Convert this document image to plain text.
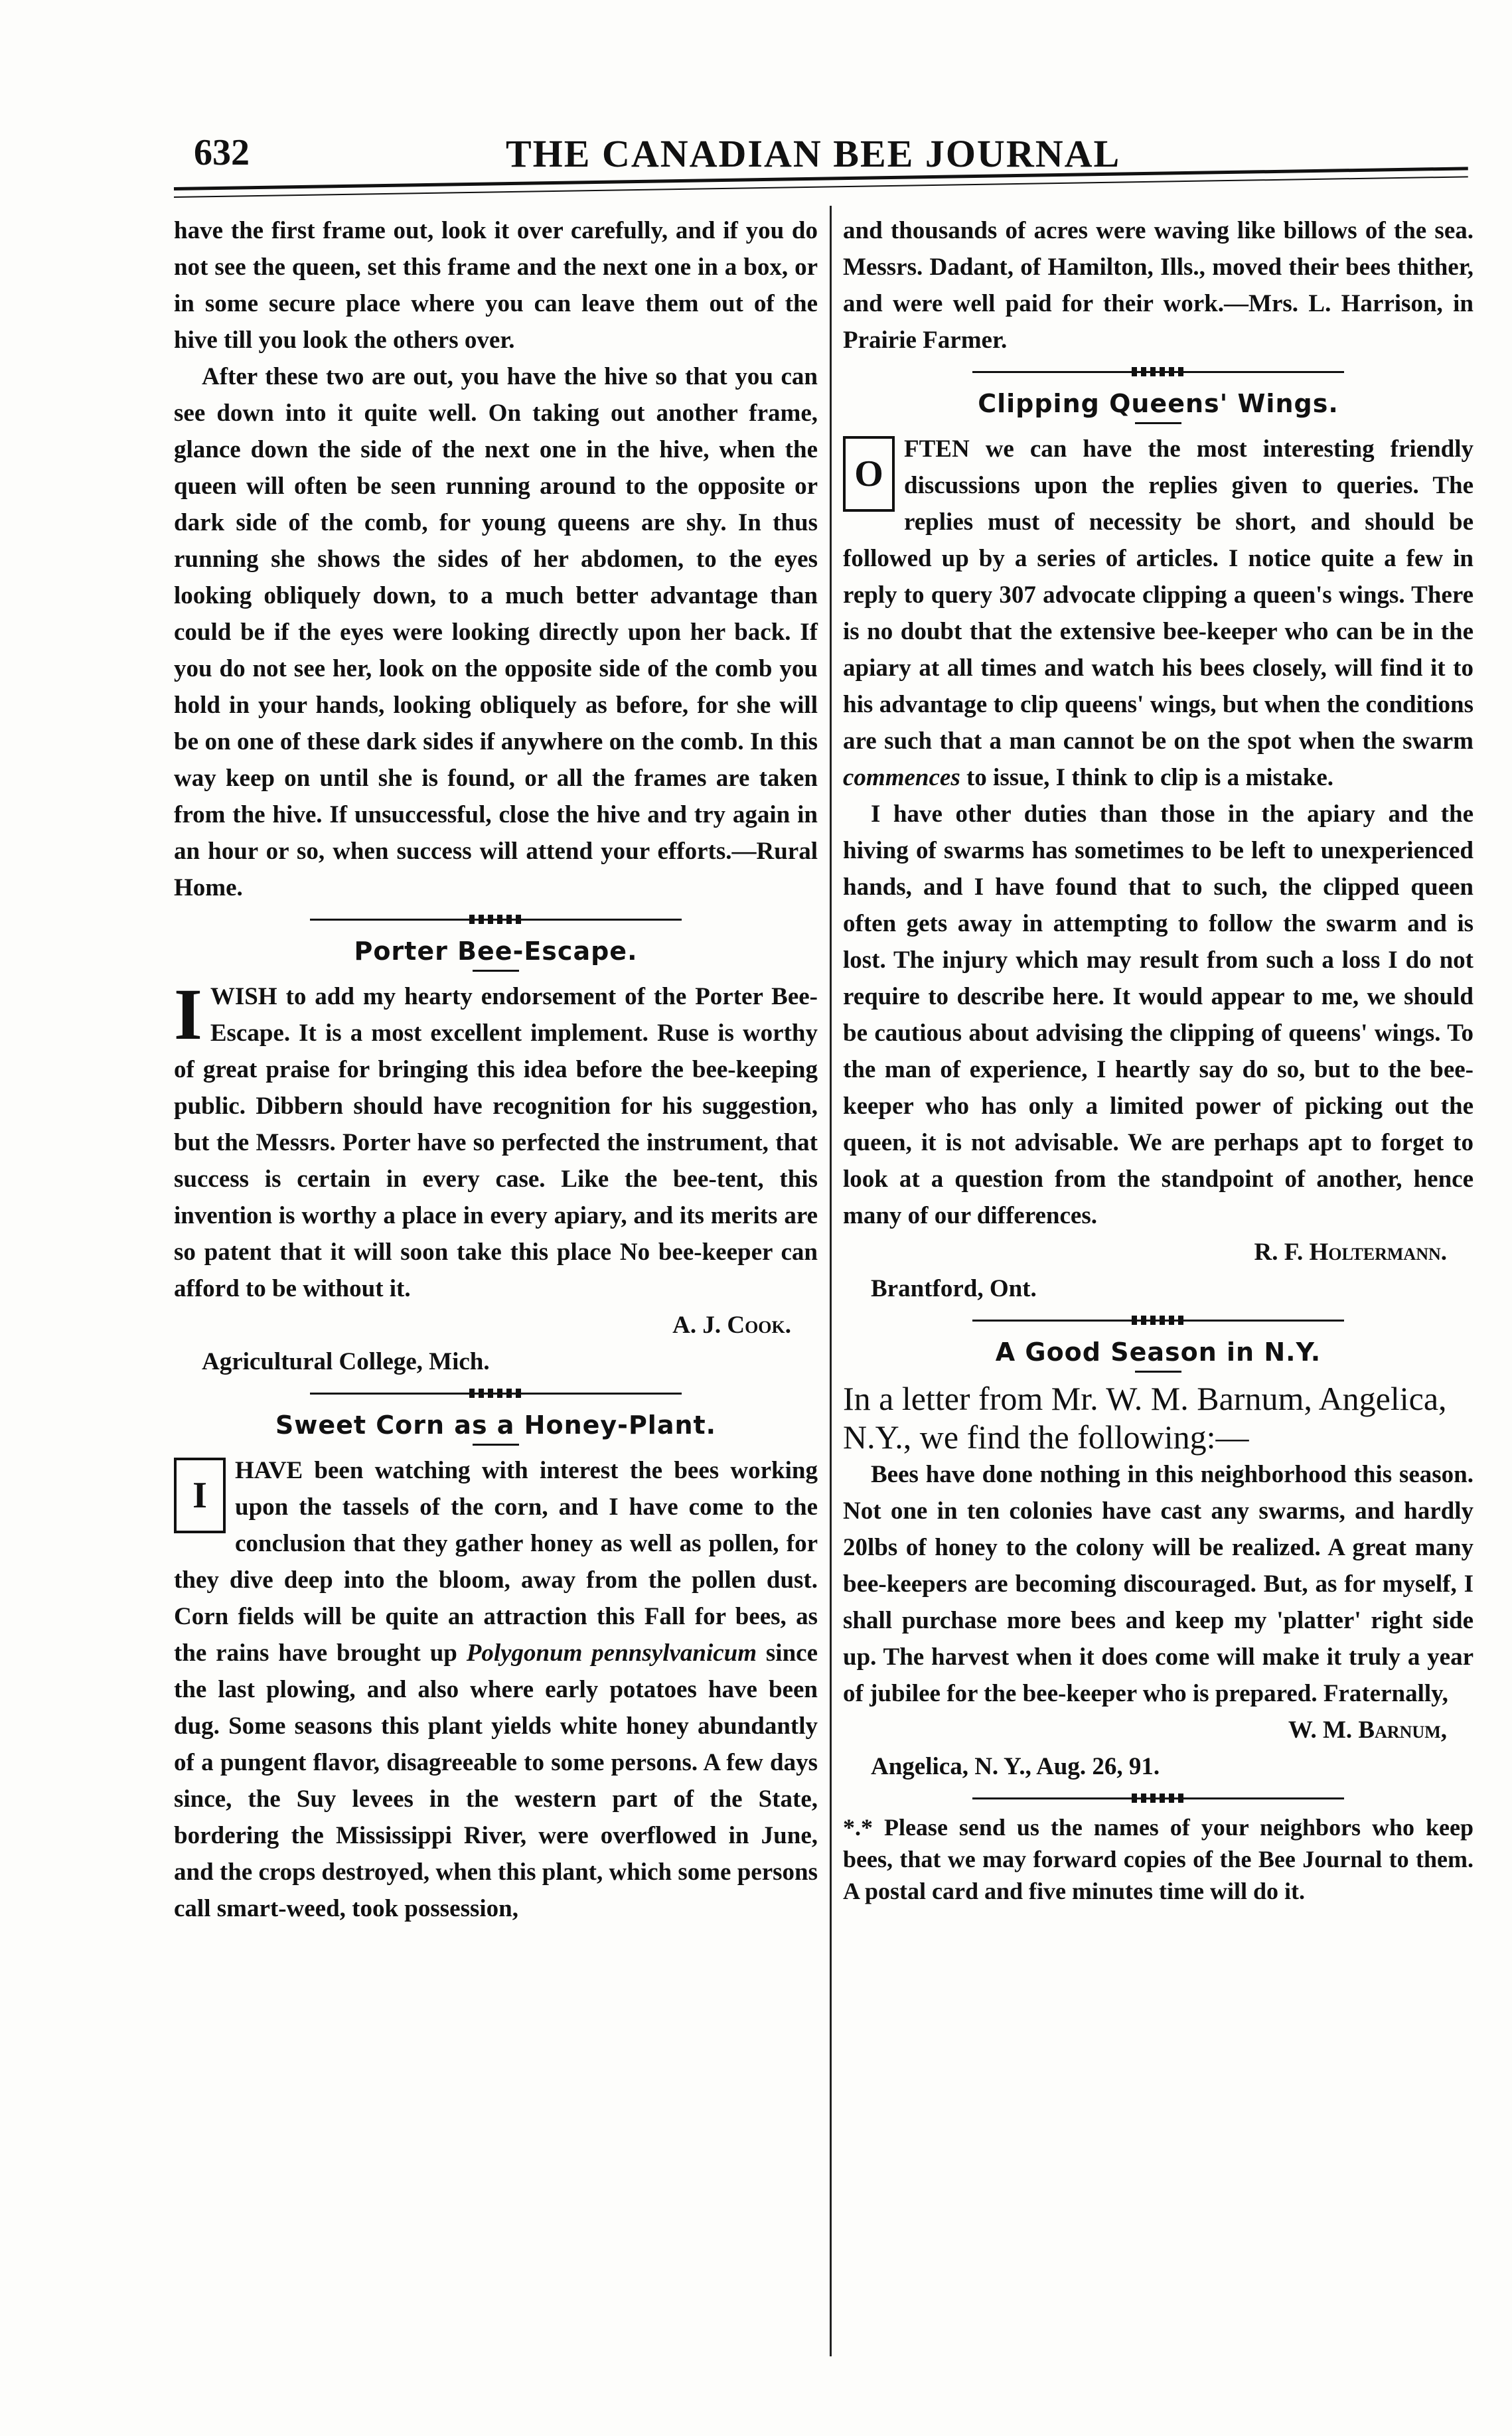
632	THE CANADIAN BEE JOURNAL

have the first frame out, look it over carefully, and if you do not see the queen, set this frame and the next one in a box, or in some secure place where you can leave them out of the hive till you look the others over.

After these two are out, you have the hive so that you can see down into it quite well. On taking out another frame, glance down the side of the next one in the hive, when the queen will often be seen running around to the opposite or dark side of the comb, for young queens are shy. In thus running she shows the sides of her abdomen, to the eyes looking obliquely down, to a much better advantage than could be if the eyes were looking directly upon her back. If you do not see her, look on the opposite side of the comb you hold in your hands, looking obliquely as before, for she will be on one of these dark sides if anywhere on the comb. In this way keep on until she is found, or all the frames are taken from the hive. If unsuccessful, close the hive and try again in an hour or so, when success will attend your efforts.—Rural Home.

Porter Bee-Escape.

IWISH to add my hearty endorsement of the Porter Bee-Escape. It is a most excellent implement. Ruse is worthy of great praise for bringing this idea before the bee-keeping public. Dibbern should have recognition for his suggestion, but the Messrs. Porter have so perfected the instrument, that success is certain in every case. Like the bee-tent, this invention is worthy a place in every apiary, and its merits are so patent that it will soon take this place No bee-keeper can afford to be without it.

A. J. Cook.
Agricultural College, Mich.
Sweet Corn as a Honey-Plant.

I
HAVE been watching with interest the bees working upon the tassels of the corn, and I have come to the conclusion that they gather honey as well as pollen, for they dive deep into the bloom, away from the pollen dust. Corn fields will be quite an attraction this Fall for bees, as the rains have brought up Polygonum pennsylvanicum since the last plowing, and also where early potatoes have been dug. Some seasons this plant yields white honey abundantly of a pungent flavor, disagreeable to some persons. A few days since, the Suy levees in the western part of the State, bordering the Mississippi River, were overflowed in June, and the crops destroyed, when this plant, which some persons call smart-weed, took possession,

and thousands of acres were waving like billows of the sea. Messrs. Dadant, of Hamilton, Ills., moved their bees thither, and were well paid for their work.—Mrs. L. Harrison, in Prairie Farmer.

Clipping Queens' Wings.

O
FTEN we can have the most interesting friendly discussions upon the replies given to queries. The replies must of necessity be short, and should be followed up by a series of articles. I notice quite a few in reply to query 307 advocate clipping a queen's wings. There is no doubt that the extensive bee-keeper who can be in the apiary at all times and watch his bees closely, will find it to his advantage to clip queens' wings, but when the conditions are such that a man cannot be on the spot when the swarm commences to issue, I think to clip is a mistake.

I have other duties than those in the apiary and the hiving of swarms has sometimes to be left to unexperienced hands, and I have found that to such, the clipped queen often gets away in attempting to follow the swarm and is lost. The injury which may result from such a loss I do not require to describe here. It would appear to me, we should be cautious about advising the clipping of queens' wings. To the man of experience, I heartly say do so, but to the bee-keeper who has only a limited power of picking out the queen, it is not advisable. We are perhaps apt to forget to look at a question from the standpoint of another, hence many of our differences.

R. F. Holtermann.
Brantford, Ont.
A Good Season in N.Y.

In a letter from Mr. W. M. Barnum, Angelica, N.Y., we find the following:—

Bees have done nothing in this neighborhood this season. Not one in ten colonies have cast any swarms, and hardly 20lbs of honey to the colony will be realized. A great many bee-keepers are becoming discouraged. But, as for myself, I shall purchase more bees and keep my 'platter' right side up. The harvest when it does come will make it truly a year of jubilee for the bee-keeper who is prepared. Fraternally,

W. M. Barnum,
Angelica, N. Y., Aug. 26, 91.

*.* Please send us the names of your neighbors who keep bees, that we may forward copies of the Bee Journal to them. A postal card and five minutes time will do it.
